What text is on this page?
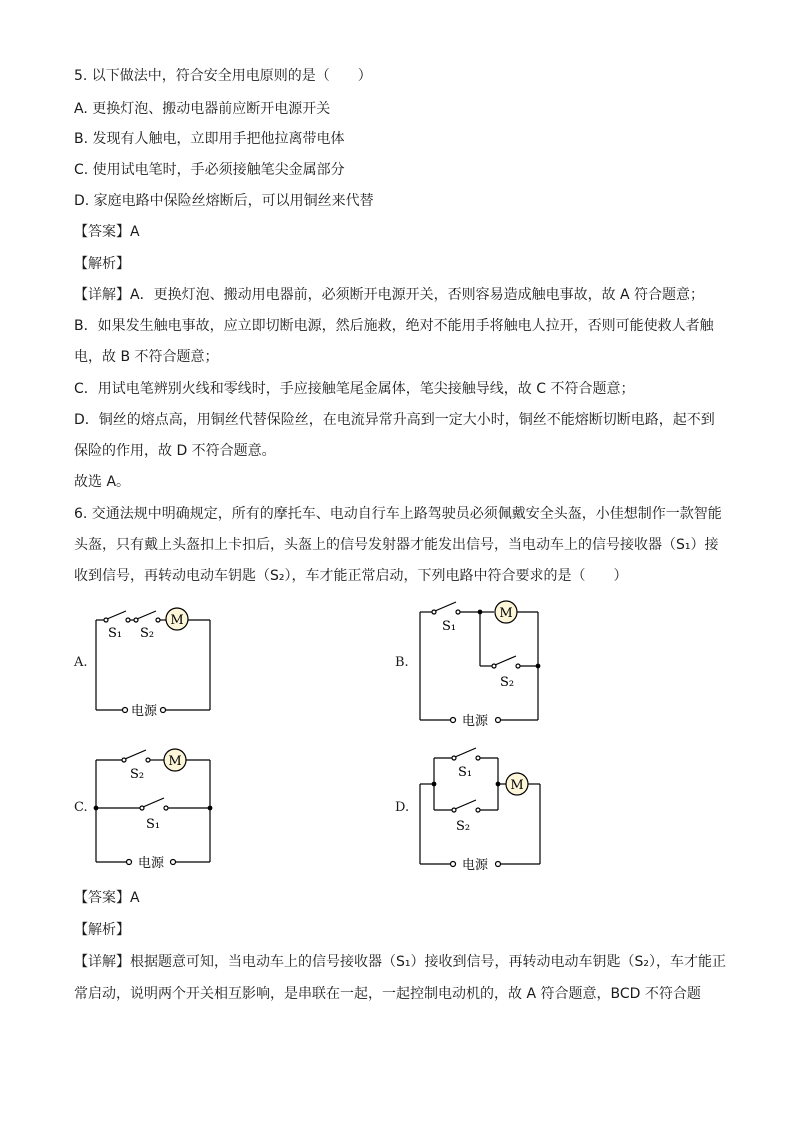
5. 以下做法中，符合安全用电原则的是（　　）
A. 更换灯泡、搬动电器前应断开电源开关
B. 发现有人触电，立即用手把他拉离带电体
C. 使用试电笔时，手必须接触笔尖金属部分
D. 家庭电路中保险丝熔断后，可以用铜丝来代替
【答案】A
【解析】
【详解】A．更换灯泡、搬动用电器前，必须断开电源开关，否则容易造成触电事故，故 A 符合题意；
B．如果发生触电事故，应立即切断电源，然后施救，绝对不能用手将触电人拉开，否则可能使救人者触
电，故 B 不符合题意；
C．用试电笔辨别火线和零线时，手应接触笔尾金属体，笔尖接触导线，故 C 不符合题意；
D．铜丝的熔点高，用铜丝代替保险丝，在电流异常升高到一定大小时，铜丝不能熔断切断电路，起不到
保险的作用，故 D 不符合题意。
故选 A。
6. 交通法规中明确规定，所有的摩托车、电动自行车上路驾驶员必须佩戴安全头盔，小佳想制作一款智能
头盔，只有戴上头盔扣上卡扣后，头盔上的信号发射器才能发出信号，当电动车上的信号接收器（S₁）接
收到信号，再转动电动车钥匙（S₂），车才能正常启动，下列电路中符合要求的是（　　）
A.
M
S₁ S₂
电源
B.
M
S₁
S₂
电源
C.
M
S₂
S₁
电源
D.
M
S₁
S₂
电源
【答案】A
【解析】
【详解】根据题意可知，当电动车上的信号接收器（S₁）接收到信号，再转动电动车钥匙（S₂），车才能正
常启动，说明两个开关相互影响，是串联在一起，一起控制电动机的，故 A 符合题意，BCD 不符合题
